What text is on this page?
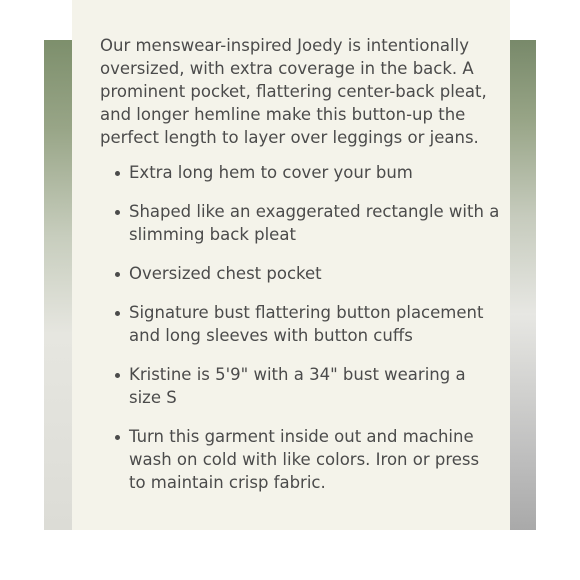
Our menswear-inspired Joedy is intentionally oversized, with extra coverage in the back. A prominent pocket, flattering center-back pleat, and longer hemline make this button-up the perfect length to layer over leggings or jeans.

Extra long hem to cover your bum
Shaped like an exaggerated rectangle with a slimming back pleat
Oversized chest pocket
Signature bust flattering button placement and long sleeves with button cuffs
Kristine is 5'9" with a 34" bust wearing a size S
Turn this garment inside out and machine wash on cold with like colors. Iron or press to maintain crisp fabric.
